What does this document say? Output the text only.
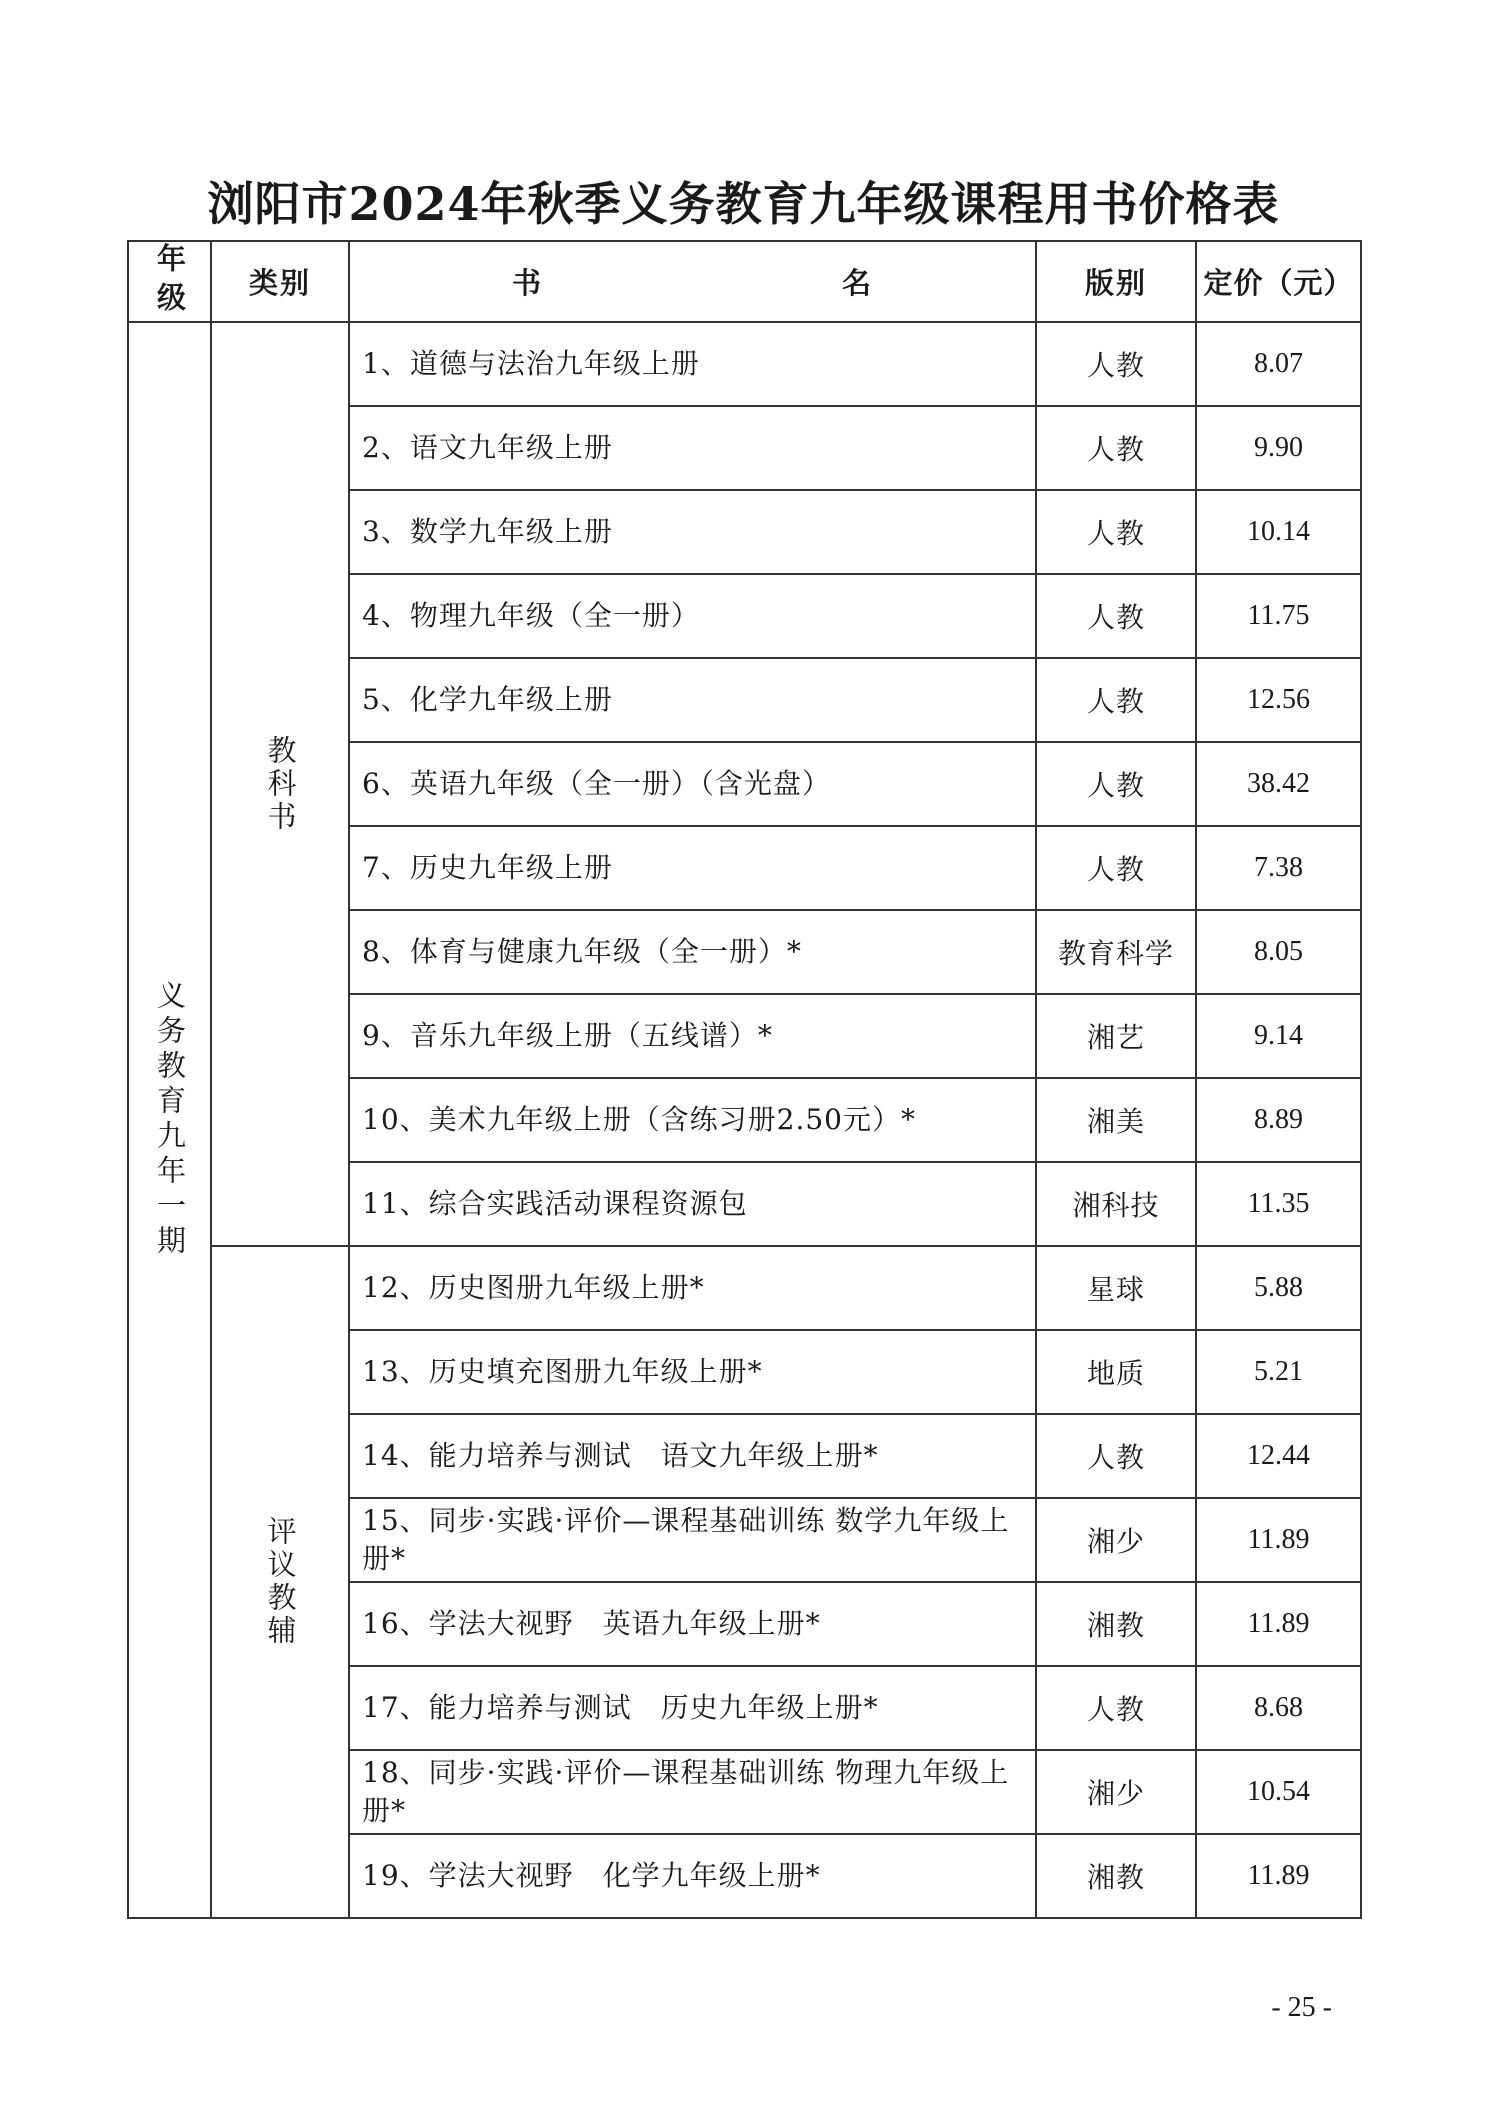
浏阳市2024年秋季义务教育九年级课程用书价格表
年级	类别	书 名	版别	定价（元）

义务教育九年一期	教科书	1、道德与法治九年级上册	人教	8.07
		2、语文九年级上册	人教	9.90
		3、数学九年级上册	人教	10.14
		4、物理九年级（全一册）	人教	11.75
		5、化学九年级上册	人教	12.56
		6、英语九年级（全一册）（含光盘）	人教	38.42
		7、历史九年级上册	人教	7.38
		8、体育与健康九年级（全一册）*	教育科学	8.05
		9、音乐九年级上册（五线谱）*	湘艺	9.14
		10、美术九年级上册（含练习册2.50元）*	湘美	8.89
		11、综合实践活动课程资源包	湘科技	11.35

	评议教辅	12、历史图册九年级上册*	星球	5.88
		13、历史填充图册九年级上册*	地质	5.21
		14、能力培养与测试　语文九年级上册*	人教	12.44
		15、同步·实践·评价—课程基础训练 数学九年级上册*	湘少	11.89
		16、学法大视野　英语九年级上册*	湘教	11.89
		17、能力培养与测试　历史九年级上册*	人教	8.68
		18、同步·实践·评价—课程基础训练 物理九年级上册*	湘少	10.54
		19、学法大视野　化学九年级上册*	湘教	11.89
- 25 -
